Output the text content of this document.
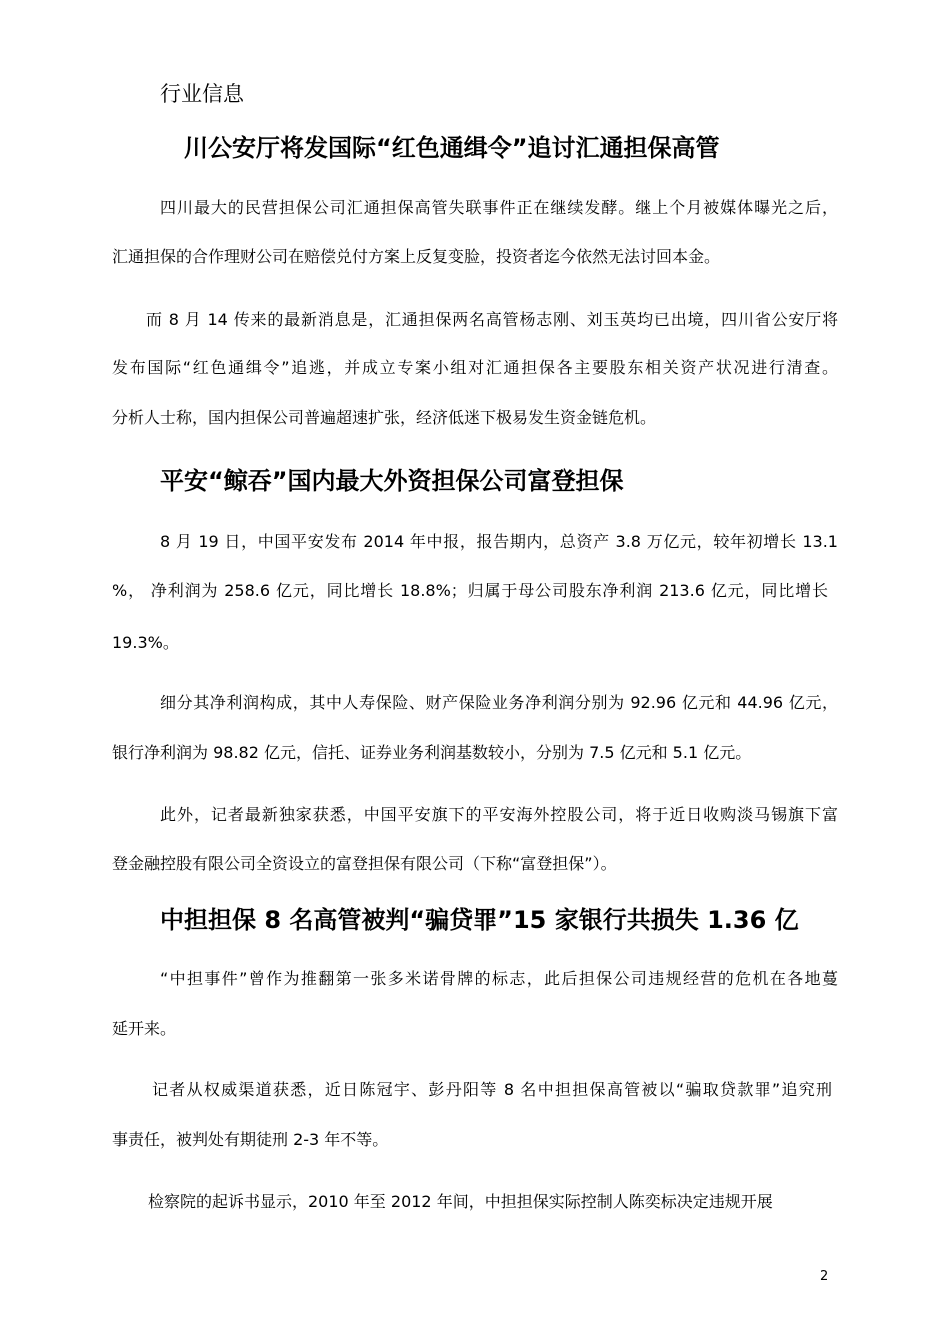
行业信息
川公安厅将发国际“红色通缉令”追讨汇通担保高管
四川最大的民营担保公司汇通担保高管失联事件正在继续发酵。继上个月被媒体曝光之后，
汇通担保的合作理财公司在赔偿兑付方案上反复变脸，投资者迄今依然无法讨回本金。
而 8 月 14 传来的最新消息是，汇通担保两名高管杨志刚、刘玉英均已出境，四川省公安厅将
发布国际“红色通缉令”追逃，并成立专案小组对汇通担保各主要股东相关资产状况进行清查。
分析人士称，国内担保公司普遍超速扩张，经济低迷下极易发生资金链危机。
平安“鲸吞”国内最大外资担保公司富登担保
8 月 19 日，中国平安发布 2014 年中报，报告期内，总资产 3.8 万亿元，较年初增长 13.1
%， 净利润为 258.6 亿元，同比增长 18.8%；归属于母公司股东净利润 213.6 亿元，同比增长
19.3%。
细分其净利润构成，其中人寿保险、财产保险业务净利润分别为 92.96 亿元和 44.96 亿元，
银行净利润为 98.82 亿元，信托、证券业务利润基数较小，分别为 7.5 亿元和 5.1 亿元。
此外，记者最新独家获悉，中国平安旗下的平安海外控股公司，将于近日收购淡马锡旗下富
登金融控股有限公司全资设立的富登担保有限公司（下称“富登担保”）。
中担担保 8 名高管被判“骗贷罪”15 家银行共损失 1.36 亿
“中担事件”曾作为推翻第一张多米诺骨牌的标志，此后担保公司违规经营的危机在各地蔓
延开来。
记者从权威渠道获悉，近日陈冠宇、彭丹阳等 8 名中担担保高管被以“骗取贷款罪”追究刑
事责任，被判处有期徒刑 2-3 年不等。
检察院的起诉书显示，2010 年至 2012 年间，中担担保实际控制人陈奕标决定违规开展
2
